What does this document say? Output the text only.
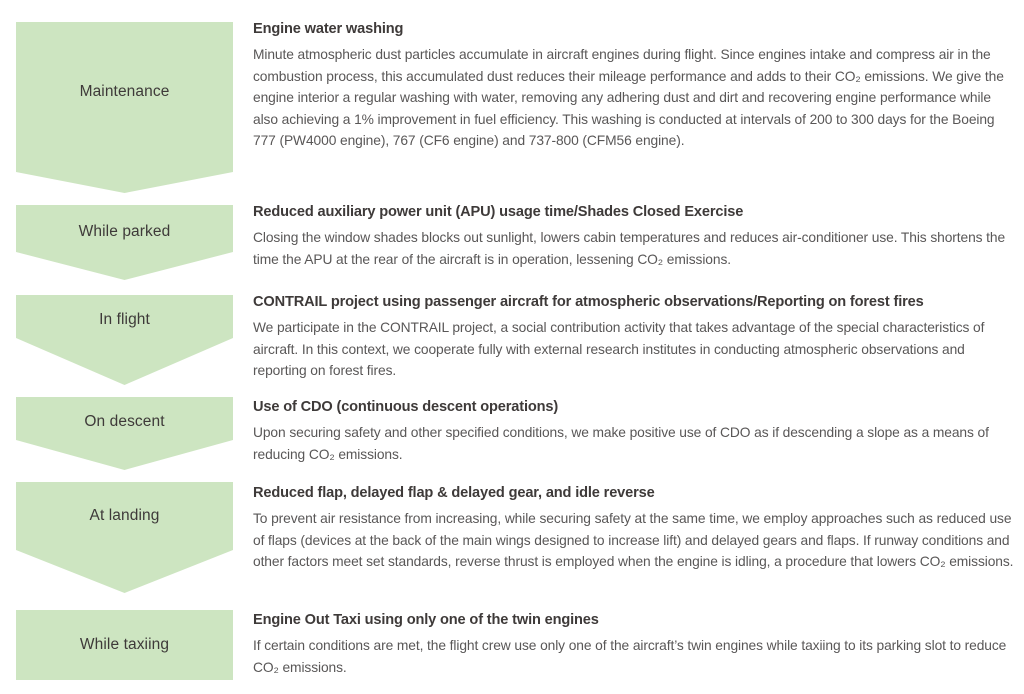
Maintenance
Engine water washing

Minute atmospheric dust particles accumulate in aircraft engines during flight. Since engines intake and compress air in the combustion process, this accumulated dust reduces their mileage performance and adds to their CO₂ emissions. We give the engine interior a regular washing with water, removing any adhering dust and dirt and recovering engine performance while also achieving a 1% improvement in fuel efficiency. This washing is conducted at intervals of 200 to 300 days for the Boeing 777 (PW4000 engine), 767 (CF6 engine) and 737-800 (CFM56 engine).

While parked
Reduced auxiliary power unit (APU) usage time/Shades Closed Exercise

Closing the window shades blocks out sunlight, lowers cabin temperatures and reduces air-conditioner use. This shortens the time the APU at the rear of the aircraft is in operation, lessening CO₂ emissions.

In flight
CONTRAIL project using passenger aircraft for atmospheric observations/Reporting on forest fires

We participate in the CONTRAIL project, a social contribution activity that takes advantage of the special characteristics of aircraft. In this context, we cooperate fully with external research institutes in conducting atmospheric observations and reporting on forest fires.

On descent
Use of CDO (continuous descent operations)

Upon securing safety and other specified conditions, we make positive use of CDO as if descending a slope as a means of reducing CO₂ emissions.

At landing
Reduced flap, delayed flap & delayed gear, and idle reverse

To prevent air resistance from increasing, while securing safety at the same time, we employ approaches such as reduced use of flaps (devices at the back of the main wings designed to increase lift) and delayed gears and flaps. If runway conditions and other factors meet set standards, reverse thrust is employed when the engine is idling, a procedure that lowers CO₂ emissions.

While taxiing
Engine Out Taxi using only one of the twin engines

If certain conditions are met, the flight crew use only one of the aircraft’s twin engines while taxiing to its parking slot to reduce CO₂ emissions.
